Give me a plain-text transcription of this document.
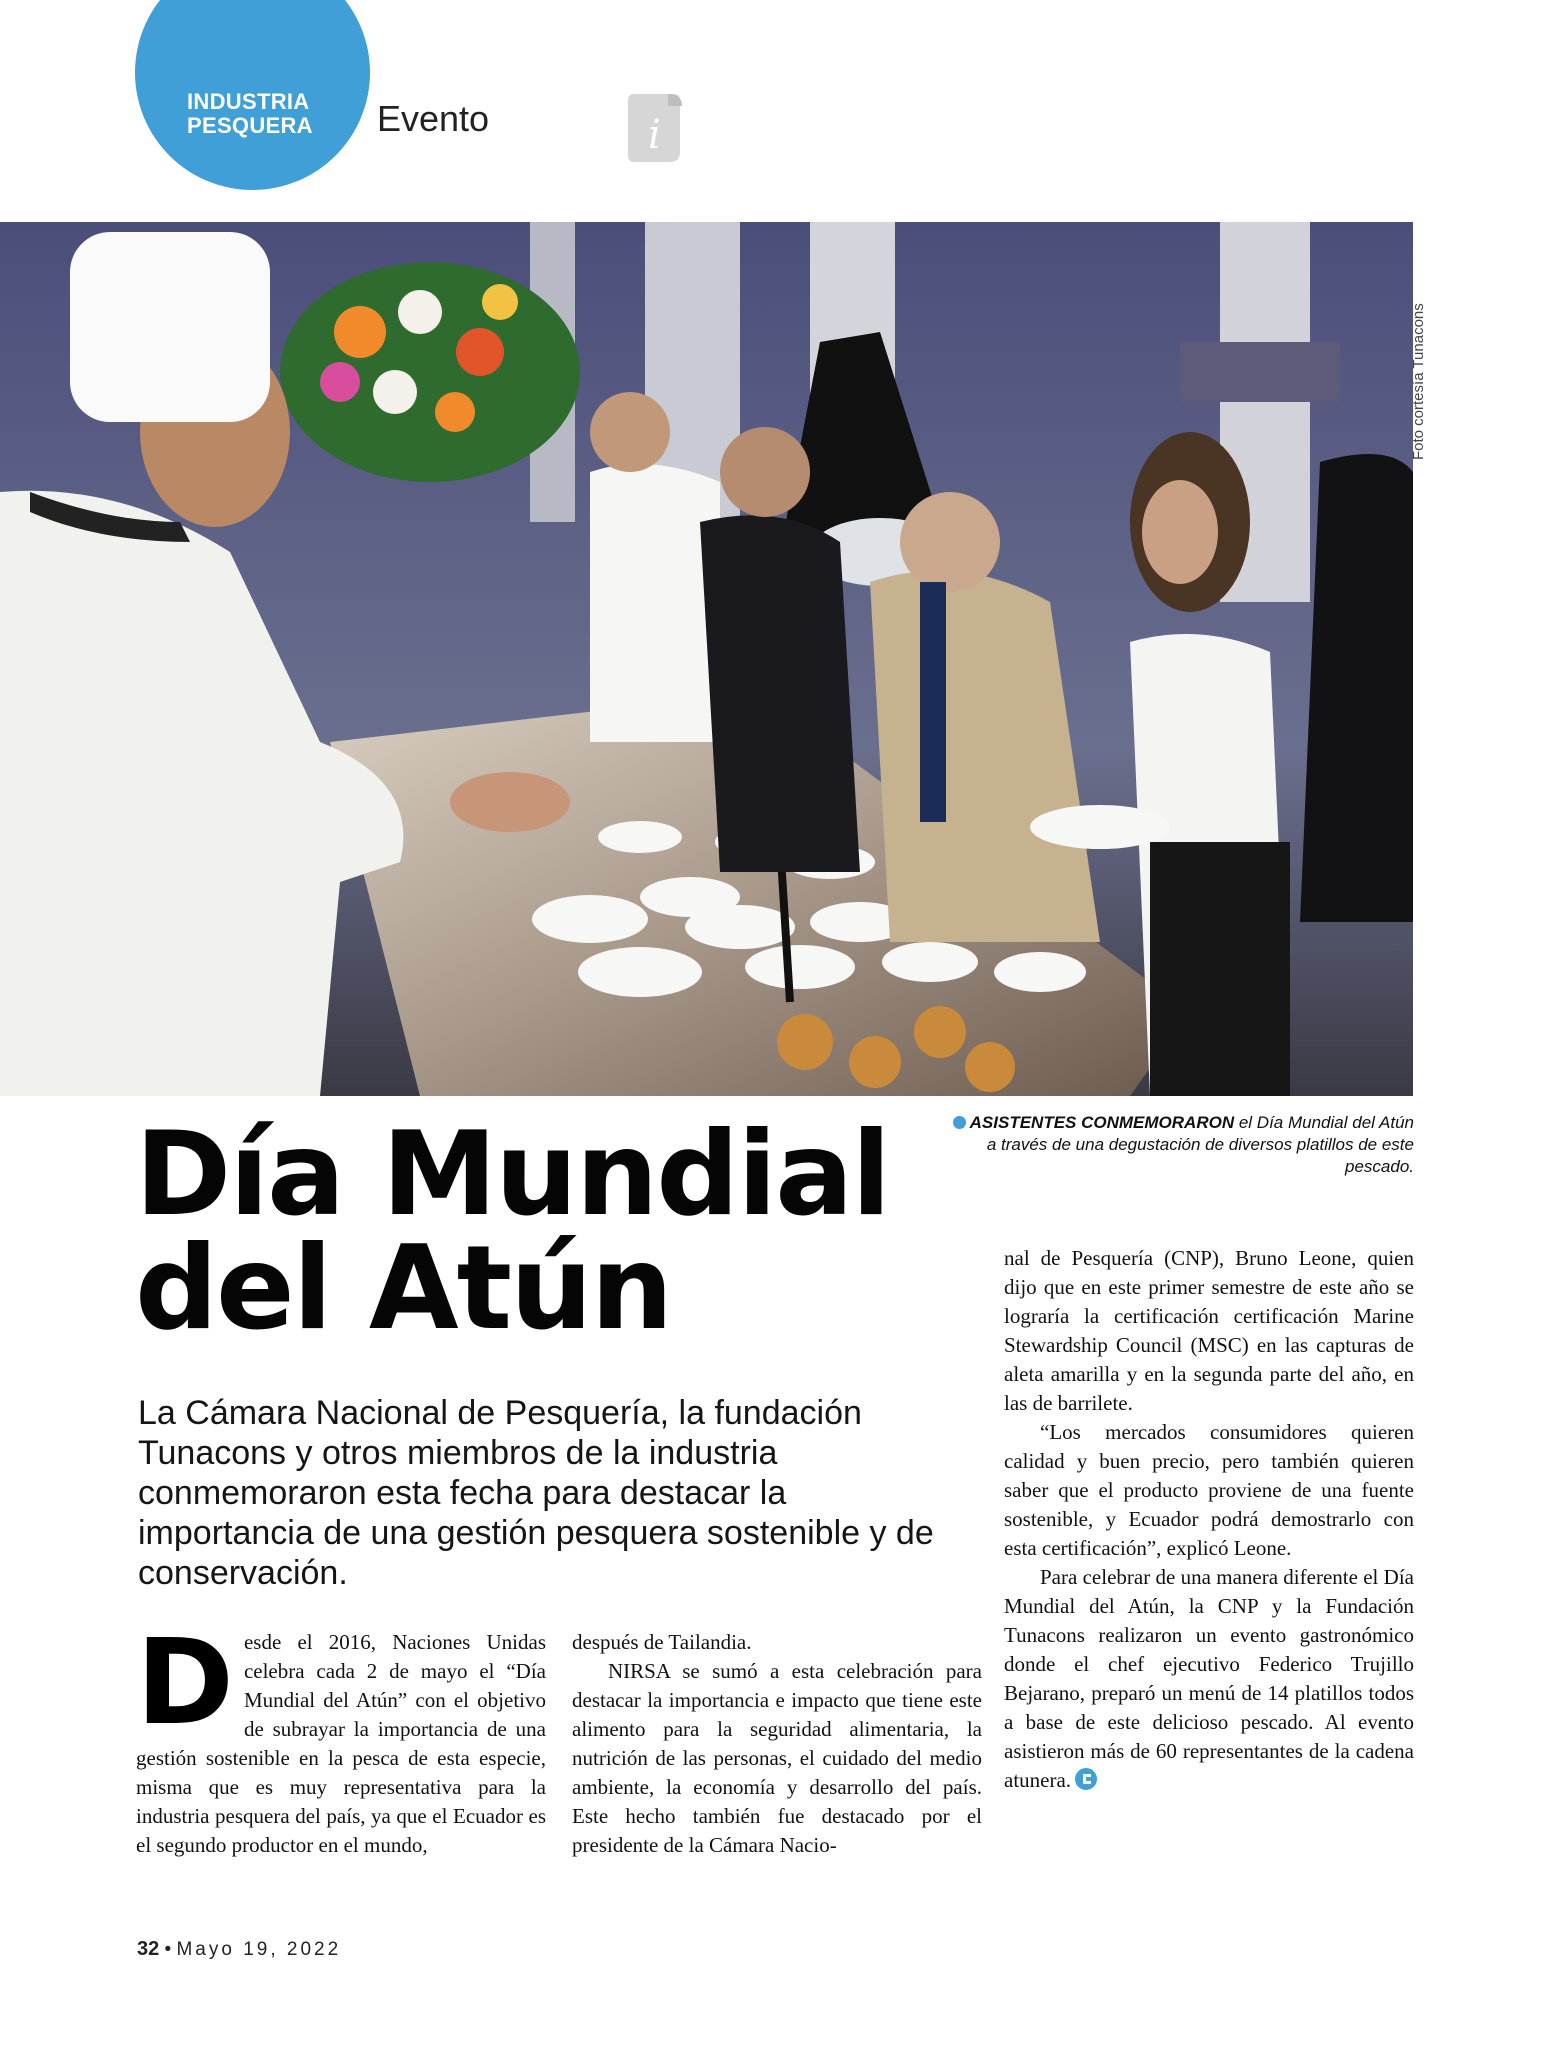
INDUSTRIA
PESQUERA Evento	i
Foto cortesía Tunacons
ASISTENTES CONMEMORARON el Día Mundial del Atún a través de una degustación de diversos platillos de este pescado.
Día Mundial
del Atún
La Cámara Nacional de Pesquería, la fundación Tunacons y otros miembros de la industria conmemoraron esta fecha para destacar la importancia de una gestión pesquera sostenible y de conservación.
D esde el 2016, Naciones Unidas celebra cada 2 de mayo el “Día Mundial del Atún” con el objetivo de subrayar la importancia de una gestión sostenible en la pesca de esta especie, misma que es muy representativa para la industria pesquera del país, ya que el Ecuador es el segundo productor en el mundo,

después de Tailandia.

NIRSA se sumó a esta celebración para destacar la importancia e impacto que tiene este alimento para la seguridad alimentaria, la nutrición de las personas, el cuidado del medio ambiente, la economía y desarrollo del país. Este hecho también fue destacado por el presidente de la Cámara Nacio-

nal de Pesquería (CNP), Bruno Leone, quien dijo que en este primer semestre de este año se lograría la certificación certificación Marine Stewardship Council (MSC) en las capturas de aleta amarilla y en la segunda parte del año, en las de barrilete.

“Los mercados consumidores quieren calidad y buen precio, pero también quieren saber que el producto proviene de una fuente sostenible, y Ecuador podrá demostrarlo con esta certificación”, explicó Leone.

Para celebrar de una manera diferente el Día Mundial del Atún, la CNP y la Fundación Tunacons realizaron un evento gastronómico donde el chef ejecutivo Federico Trujillo Bejarano, preparó un menú de 14 platillos todos a base de este delicioso pescado. Al evento asistieron más de 60 representantes de la cadena atunera.

32 • Mayo 19, 2022
